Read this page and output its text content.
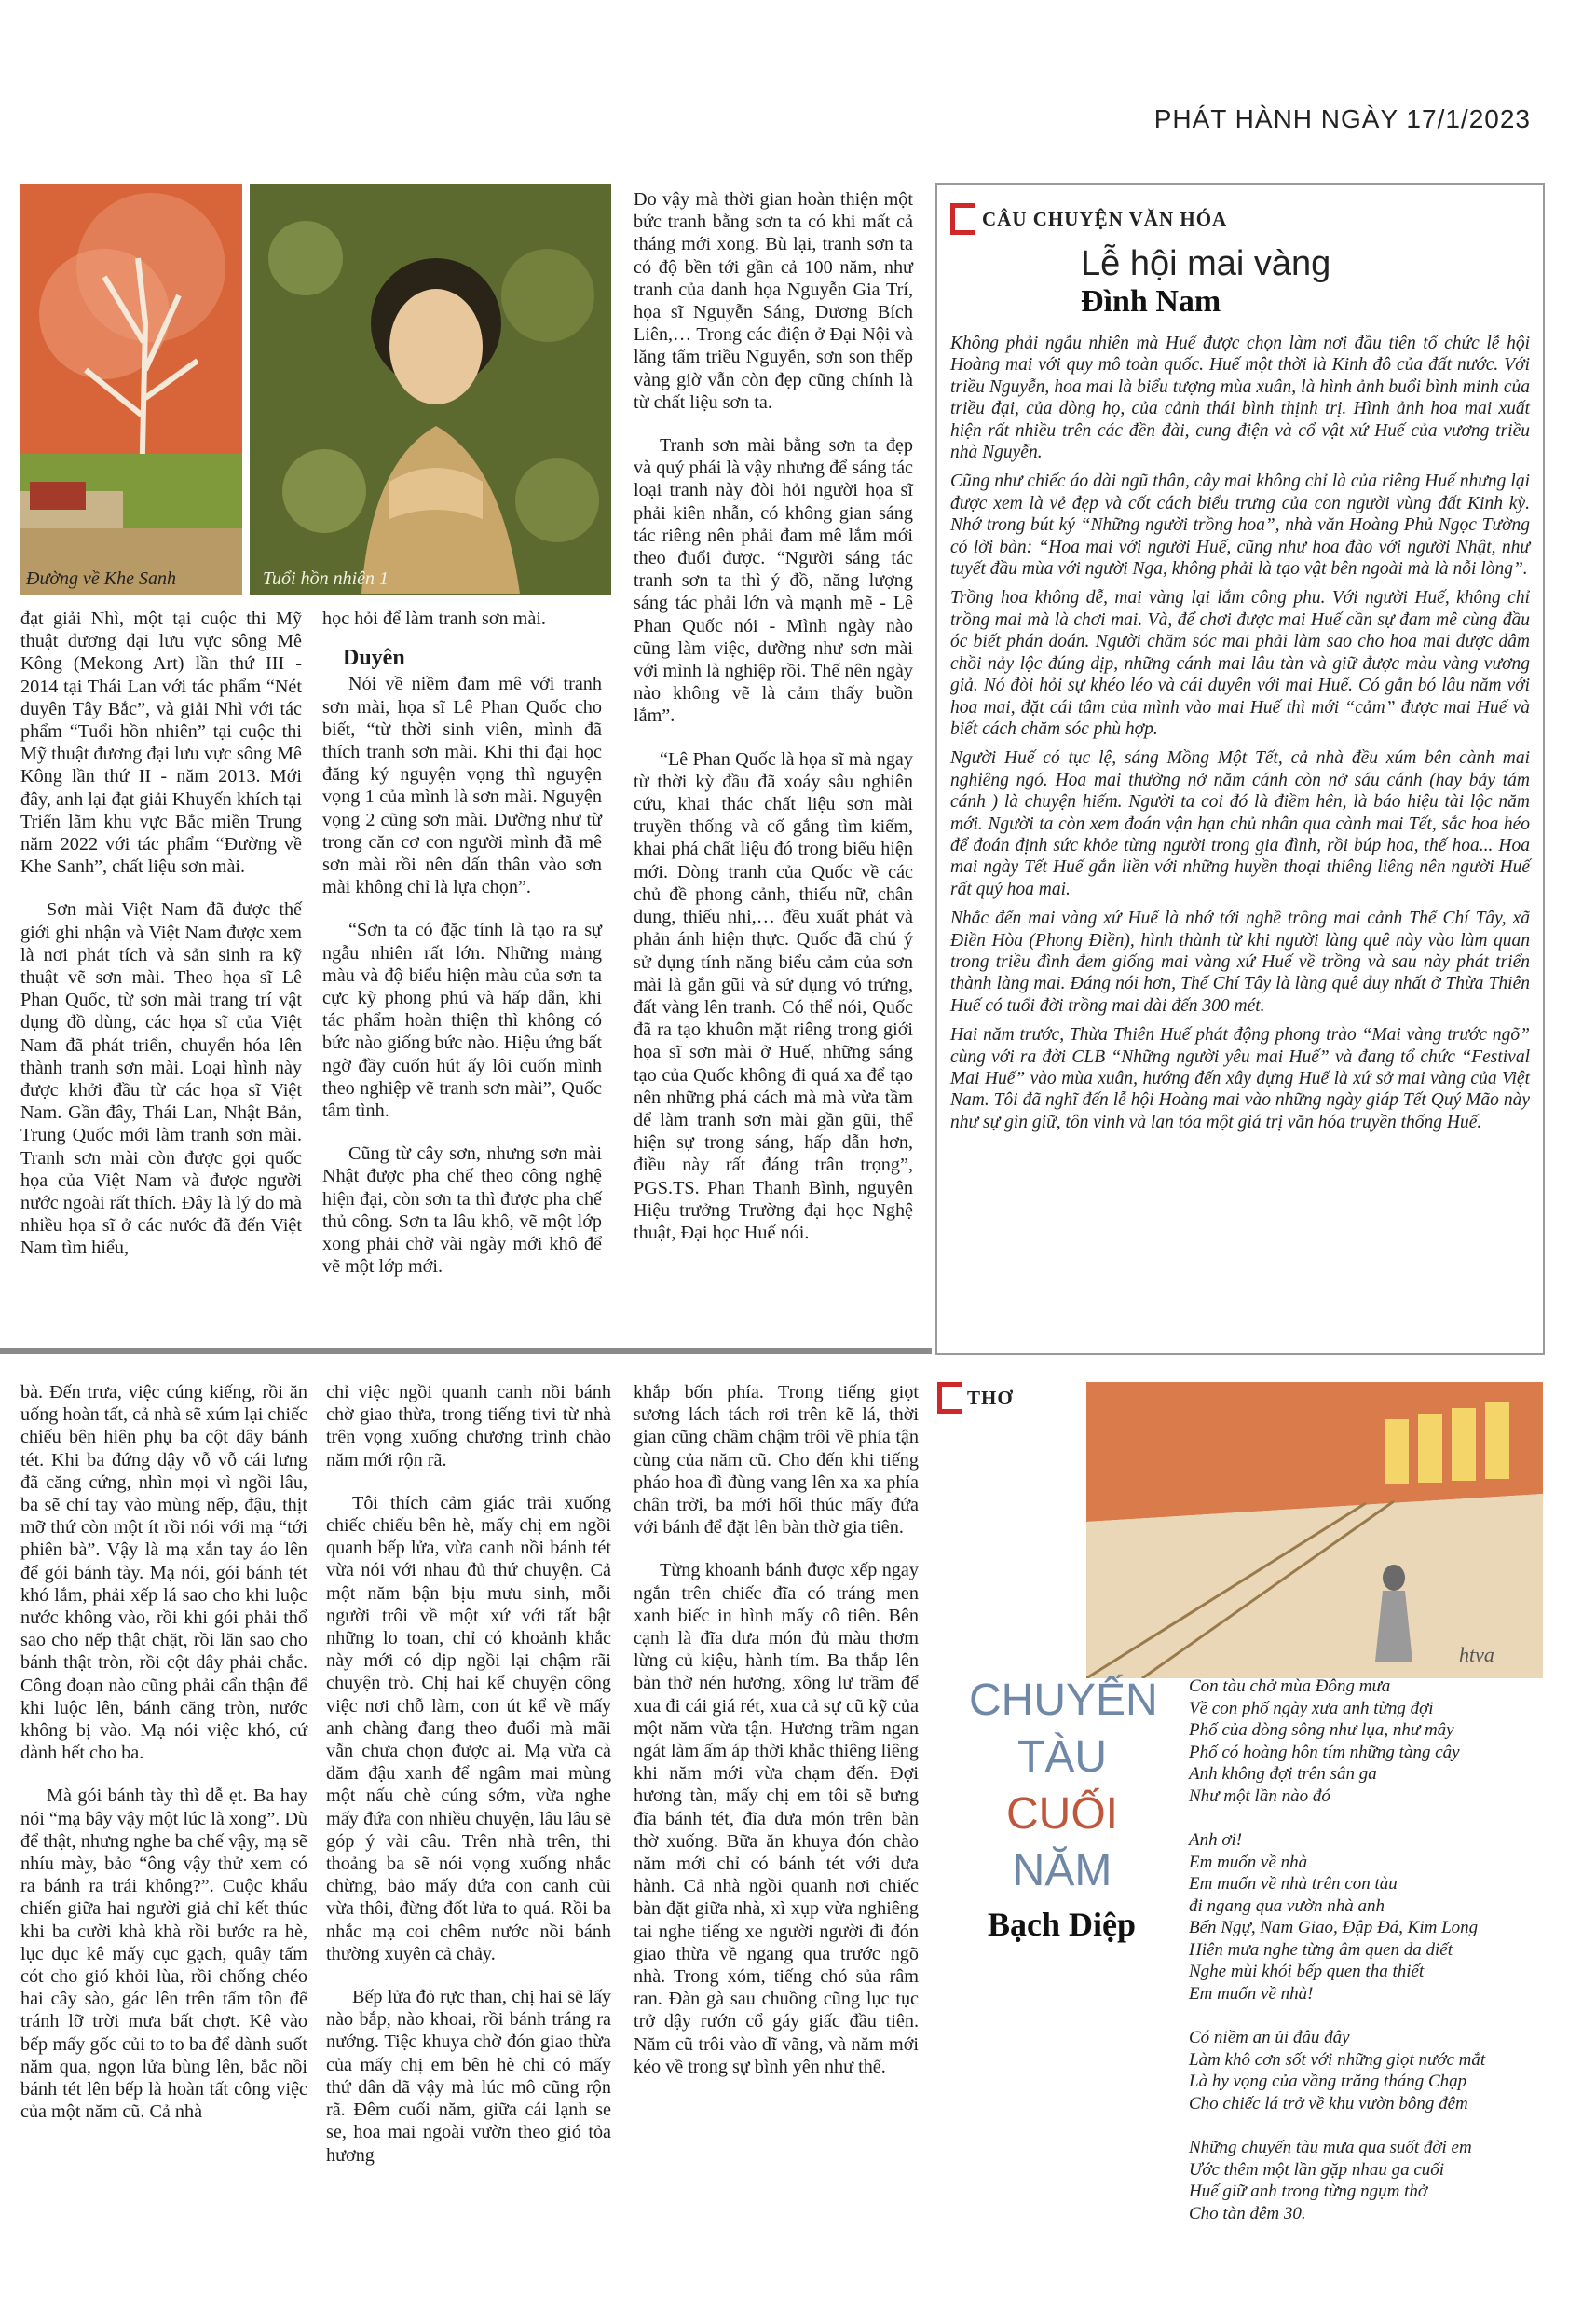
PHÁT HÀNH NGÀY 17/1/2023
Đường về Khe Sanh	Tuổi hồn nhiên 1

đạt giải Nhì, một tại cuộc thi Mỹ thuật đương đại lưu vực sông Mê Kông (Mekong Art) lần thứ III - 2014 tại Thái Lan với tác phẩm “Nét duyên Tây Bắc”, và giải Nhì với tác phẩm “Tuổi hồn nhiên” tại cuộc thi Mỹ thuật đương đại lưu vực sông Mê Kông lần thứ II - năm 2013. Mới đây, anh lại đạt giải Khuyến khích tại Triển lãm khu vực Bắc miền Trung năm 2022 với tác phẩm “Đường về Khe Sanh”, chất liệu sơn mài.

Sơn mài Việt Nam đã được thế giới ghi nhận và Việt Nam được xem là nơi phát tích và sản sinh ra kỹ thuật vẽ sơn mài. Theo họa sĩ Lê Phan Quốc, từ sơn mài trang trí vật dụng đồ dùng, các họa sĩ của Việt Nam đã phát triển, chuyển hóa lên thành tranh sơn mài. Loại hình này được khởi đầu từ các họa sĩ Việt Nam. Gần đây, Thái Lan, Nhật Bản, Trung Quốc mới làm tranh sơn mài. Tranh sơn mài còn được gọi quốc họa của Việt Nam và được người nước ngoài rất thích. Đây là lý do mà nhiều họa sĩ ở các nước đã đến Việt Nam tìm hiểu,

học hỏi để làm tranh sơn mài.

Duyên

Nói về niềm đam mê với tranh sơn mài, họa sĩ Lê Phan Quốc cho biết, “từ thời sinh viên, mình đã thích tranh sơn mài. Khi thi đại học đăng ký nguyện vọng thì nguyện vọng 1 của mình là sơn mài. Nguyện vọng 2 cũng sơn mài. Dường như từ trong căn cơ con người mình đã mê sơn mài rồi nên dấn thân vào sơn mài không chỉ là lựa chọn”.

“Sơn ta có đặc tính là tạo ra sự ngẫu nhiên rất lớn. Những mảng màu và độ biểu hiện màu của sơn ta cực kỳ phong phú và hấp dẫn, khi tác phẩm hoàn thiện thì không có bức nào giống bức nào. Hiệu ứng bất ngờ đầy cuốn hút ấy lôi cuốn mình theo nghiệp vẽ tranh sơn mài”, Quốc tâm tình.

Cũng từ cây sơn, nhưng sơn mài Nhật được pha chế theo công nghệ hiện đại, còn sơn ta thì được pha chế thủ công. Sơn ta lâu khô, vẽ một lớp xong phải chờ vài ngày mới khô để vẽ một lớp mới.

Do vậy mà thời gian hoàn thiện một bức tranh bằng sơn ta có khi mất cả tháng mới xong. Bù lại, tranh sơn ta có độ bền tới gần cả 100 năm, như tranh của danh họa Nguyễn Gia Trí, họa sĩ Nguyễn Sáng, Dương Bích Liên,… Trong các điện ở Đại Nội và lăng tẩm triều Nguyễn, sơn son thếp vàng giờ vẫn còn đẹp cũng chính là từ chất liệu sơn ta.

Tranh sơn mài bằng sơn ta đẹp và quý phái là vậy nhưng để sáng tác loại tranh này đòi hỏi người họa sĩ phải kiên nhẫn, có không gian sáng tác riêng nên phải đam mê lắm mới theo đuổi được. “Người sáng tác tranh sơn ta thì ý đồ, năng lượng sáng tác phải lớn và mạnh mẽ - Lê Phan Quốc nói - Mình ngày nào cũng làm việc, dường như sơn mài với mình là nghiệp rồi. Thế nên ngày nào không vẽ là cảm thấy buồn lắm”.

“Lê Phan Quốc là họa sĩ mà ngay từ thời kỳ đầu đã xoáy sâu nghiên cứu, khai thác chất liệu sơn mài truyền thống và cố gắng tìm kiếm, khai phá chất liệu đó trong biểu hiện mới. Dòng tranh của Quốc về các chủ đề phong cảnh, thiếu nữ, chân dung, thiếu nhi,… đều xuất phát và phản ánh hiện thực. Quốc đã chú ý sử dụng tính năng biểu cảm của sơn mài là gắn gũi và sử dụng vỏ trứng, đất vàng lên tranh. Có thể nói, Quốc đã ra tạo khuôn mặt riêng trong giới họa sĩ sơn mài ở Huế, những sáng tạo của Quốc không đi quá xa để tạo nên những phá cách mà mà vừa tầm để làm tranh sơn mài gần gũi, thể hiện sự trong sáng, hấp dẫn hơn, điều này rất đáng trân trọng”, PGS.TS. Phan Thanh Bình, nguyên Hiệu trưởng Trường đại học Nghệ thuật, Đại học Huế nói.

CÂU CHUYỆN VĂN HÓA
Lễ hội mai vàng
Đình Nam

Không phải ngẫu nhiên mà Huế được chọn làm nơi đầu tiên tổ chức lễ hội Hoàng mai với quy mô toàn quốc. Huế một thời là Kinh đô của đất nước. Với triều Nguyễn, hoa mai là biểu tượng mùa xuân, là hình ảnh buổi bình minh của triều đại, của dòng họ, của cảnh thái bình thịnh trị. Hình ảnh hoa mai xuất hiện rất nhiều trên các đền đài, cung điện và cổ vật xứ Huế của vương triều nhà Nguyễn.

Cũng như chiếc áo dài ngũ thân, cây mai không chỉ là của riêng Huế nhưng lại được xem là vẻ đẹp và cốt cách biểu trưng của con người vùng đất Kinh kỳ. Nhớ trong bút ký “Những người trồng hoa”, nhà văn Hoàng Phủ Ngọc Tường có lời bàn: “Hoa mai với người Huế, cũng như hoa đào với người Nhật, như tuyết đầu mùa với người Nga, không phải là tạo vật bên ngoài mà là nỗi lòng”.

Trồng hoa không dễ, mai vàng lại lắm công phu. Với người Huế, không chỉ trồng mai mà là chơi mai. Và, để chơi được mai Huế cần sự đam mê cùng đầu óc biết phán đoán. Người chăm sóc mai phải làm sao cho hoa mai được đâm chồi nảy lộc đúng dịp, những cánh mai lâu tàn và giữ được màu vàng vương giả. Nó đòi hỏi sự khéo léo và cái duyên với mai Huế. Có gắn bó lâu năm với hoa mai, đặt cái tâm của mình vào mai Huế thì mới “cảm” được mai Huế và biết cách chăm sóc phù hợp.

Người Huế có tục lệ, sáng Mồng Một Tết, cả nhà đều xúm bên cành mai nghiêng ngó. Hoa mai thường nở năm cánh còn nở sáu cánh (hay bảy tám cánh ) là chuyện hiếm. Người ta coi đó là điềm hên, là báo hiệu tài lộc năm mới. Người ta còn xem đoán vận hạn chủ nhân qua cành mai Tết, sắc hoa héo để đoán định sức khỏe từng người trong gia đình, rồi búp hoa, thế hoa... Hoa mai ngày Tết Huế gắn liền với những huyền thoại thiêng liêng nên người Huế rất quý hoa mai.

Nhắc đến mai vàng xứ Huế là nhớ tới nghề trồng mai cảnh Thế Chí Tây, xã Điền Hòa (Phong Điền), hình thành từ khi người làng quê này vào làm quan trong triều đình đem giống mai vàng xứ Huế về trồng và sau này phát triển thành làng mai. Đáng nói hơn, Thế Chí Tây là làng quê duy nhất ở Thừa Thiên Huế có tuổi đời trồng mai dài đến 300 mét.

Hai năm trước, Thừa Thiên Huế phát động phong trào “Mai vàng trước ngõ” cùng với ra đời CLB “Những người yêu mai Huế” và đang tổ chức “Festival Mai Huế” vào mùa xuân, hướng đến xây dựng Huế là xứ sở mai vàng của Việt Nam. Tôi đã nghĩ đến lễ hội Hoàng mai vào những ngày giáp Tết Quý Mão này như sự gìn giữ, tôn vinh và lan tỏa một giá trị văn hóa truyền thống Huế.

bà. Đến trưa, việc cúng kiếng, rồi ăn uống hoàn tất, cả nhà sẽ xúm lại chiếc chiếu bên hiên phụ ba cột dây bánh tét. Khi ba đứng dậy vỗ vỗ cái lưng đã căng cứng, nhìn mọi vì ngồi lâu, ba sẽ chỉ tay vào mùng nếp, đậu, thịt mỡ thứ còn một ít rồi nói với mạ “tới phiên bà”. Vậy là mạ xắn tay áo lên để gói bánh tày. Mạ nói, gói bánh tét khó lắm, phải xếp lá sao cho khi luộc nước không vào, rồi khi gói phải thổ sao cho nếp thật chặt, rồi lăn sao cho bánh thật tròn, rồi cột dây phải chắc. Công đoạn nào cũng phải cẩn thận để khi luộc lên, bánh căng tròn, nước không bị vào. Mạ nói việc khó, cứ dành hết cho ba.

Mà gói bánh tày thì dễ ẹt. Ba hay nói “mạ bây vậy một lúc là xong”. Dù để thật, nhưng nghe ba chế vậy, mạ sẽ nhíu mày, bảo “ông vậy thử xem có ra bánh ra trái không?”. Cuộc khẩu chiến giữa hai người giả chỉ kết thúc khi ba cười khà khà rồi bước ra hè, lục đục kê mấy cục gạch, quây tấm cót cho gió khỏi lùa, rồi chống chéo hai cây sào, gác lên trên tấm tôn để tránh lỡ trời mưa bất chợt. Kê vào bếp mấy gốc củi to to ba để dành suốt năm qua, ngọn lửa bùng lên, bắc nồi bánh tét lên bếp là hoàn tất công việc của một năm cũ. Cả nhà

chỉ việc ngồi quanh canh nồi bánh chờ giao thừa, trong tiếng tivi từ nhà trên vọng xuống chương trình chào năm mới rộn rã.

Tôi thích cảm giác trải xuống chiếc chiếu bên hè, mấy chị em ngồi quanh bếp lửa, vừa canh nồi bánh tét vừa nói với nhau đủ thứ chuyện. Cả một năm bận bịu mưu sinh, mỗi người trôi về một xứ với tất bật những lo toan, chỉ có khoảnh khắc này mới có dịp ngồi lại chậm rãi chuyện trò. Chị hai kể chuyện công việc nơi chỗ làm, con út kể về mấy anh chàng đang theo đuổi mà mãi vẫn chưa chọn được ai. Mạ vừa cà dăm đậu xanh để ngâm mai mùng một nấu chè cúng sớm, vừa nghe mấy đứa con nhiều chuyện, lâu lâu sẽ góp ý vài câu. Trên nhà trên, thi thoảng ba sẽ nói vọng xuống nhắc chừng, bảo mấy đứa con canh củi vừa thôi, đừng đốt lửa to quá. Rồi ba nhắc mạ coi chêm nước nồi bánh thường xuyên cả chảy.

Bếp lửa đỏ rực than, chị hai sẽ lấy nào bắp, nào khoai, rồi bánh tráng ra nướng. Tiệc khuya chờ đón giao thừa của mấy chị em bên hè chỉ có mấy thứ dân dã vậy mà lúc mô cũng rộn rã. Đêm cuối năm, giữa cái lạnh se se, hoa mai ngoài vườn theo gió tỏa hương

khắp bốn phía. Trong tiếng giọt sương lách tách rơi trên kẽ lá, thời gian cũng chầm chậm trôi về phía tận cùng của năm cũ. Cho đến khi tiếng pháo hoa đì đùng vang lên xa xa phía chân trời, ba mới hối thúc mấy đứa với bánh để đặt lên bàn thờ gia tiên.

Từng khoanh bánh được xếp ngay ngắn trên chiếc đĩa có tráng men xanh biếc in hình mấy cô tiên. Bên cạnh là đĩa dưa món đủ màu thơm lừng củ kiệu, hành tím. Ba thắp lên bàn thờ nén hương, xông lư trầm để xua đi cái giá rét, xua cả sự cũ kỹ của một năm vừa tận. Hương trầm ngan ngát làm ấm áp thời khắc thiêng liêng khi năm mới vừa chạm đến. Đợi hương tàn, mấy chị em tôi sẽ bưng đĩa bánh tét, đĩa dưa món trên bàn thờ xuống. Bữa ăn khuya đón chào năm mới chỉ có bánh tét với dưa hành. Cả nhà ngồi quanh nơi chiếc bàn đặt giữa nhà, xì xụp vừa nghiêng tai nghe tiếng xe người người đi đón giao thừa về ngang qua trước ngõ nhà. Trong xóm, tiếng chó sủa râm ran. Đàn gà sau chuồng cũng lục tục trở dậy rướn cổ gáy giấc đầu tiên. Năm cũ trôi vào dĩ vãng, và năm mới kéo về trong sự bình yên như thế.

THƠ
htva
CHUYẾN
TÀU
CUỐI
NĂM
Bạch Diệp
Con tàu chở mùa Đông mưa
Về con phố ngày xưa anh từng đợi
Phố của dòng sông như lụa, như mây
Phố có hoàng hôn tím những tàng cây
Anh không đợi trên sân ga
Như một lần nào đó
Anh ơi!
Em muốn về nhà
Em muốn về nhà trên con tàu
đi ngang qua vườn nhà anh
Bến Ngự, Nam Giao, Đập Đá, Kim Long
Hiên mưa nghe từng âm quen da diết
Nghe mùi khói bếp quen tha thiết
Em muốn về nhà!
Có niềm an ủi đâu đây
Làm khô cơn sốt với những giọt nước mắt
Là hy vọng của vầng trăng tháng Chạp
Cho chiếc lá trở về khu vườn bông đêm
Những chuyến tàu mưa qua suốt đời em
Ước thêm một lần gặp nhau ga cuối
Huế giữ anh trong từng ngụm thở
Cho tàn đêm 30.
